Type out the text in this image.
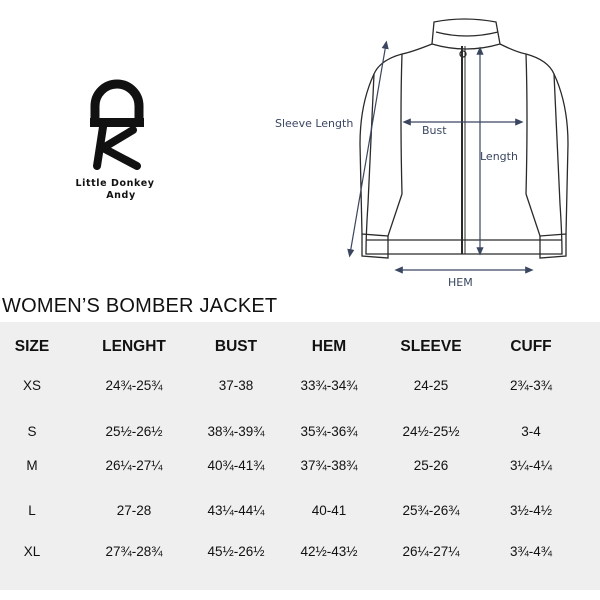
Little Donkey
Andy
Sleeve Length
Bust
Length
HEM
WOMEN’S BOMBER JACKET
SIZE	LENGHT	BUST	HEM	SLEEVE	CUFF
XS	24¾-25¾	37-38	33¾-34¾	24-25	2¾-3¾
S	25½-26½	38¾-39¾	35¾-36¾	24½-25½	3-4
M	26¼-27¼	40¾-41¾	37¾-38¾	25-26	3¼-4¼
L	27-28	43¼-44¼	40-41	25¾-26¾	3½-4½
XL	27¾-28¾	45½-26½	42½-43½	26¼-27¼	3¾-4¾
